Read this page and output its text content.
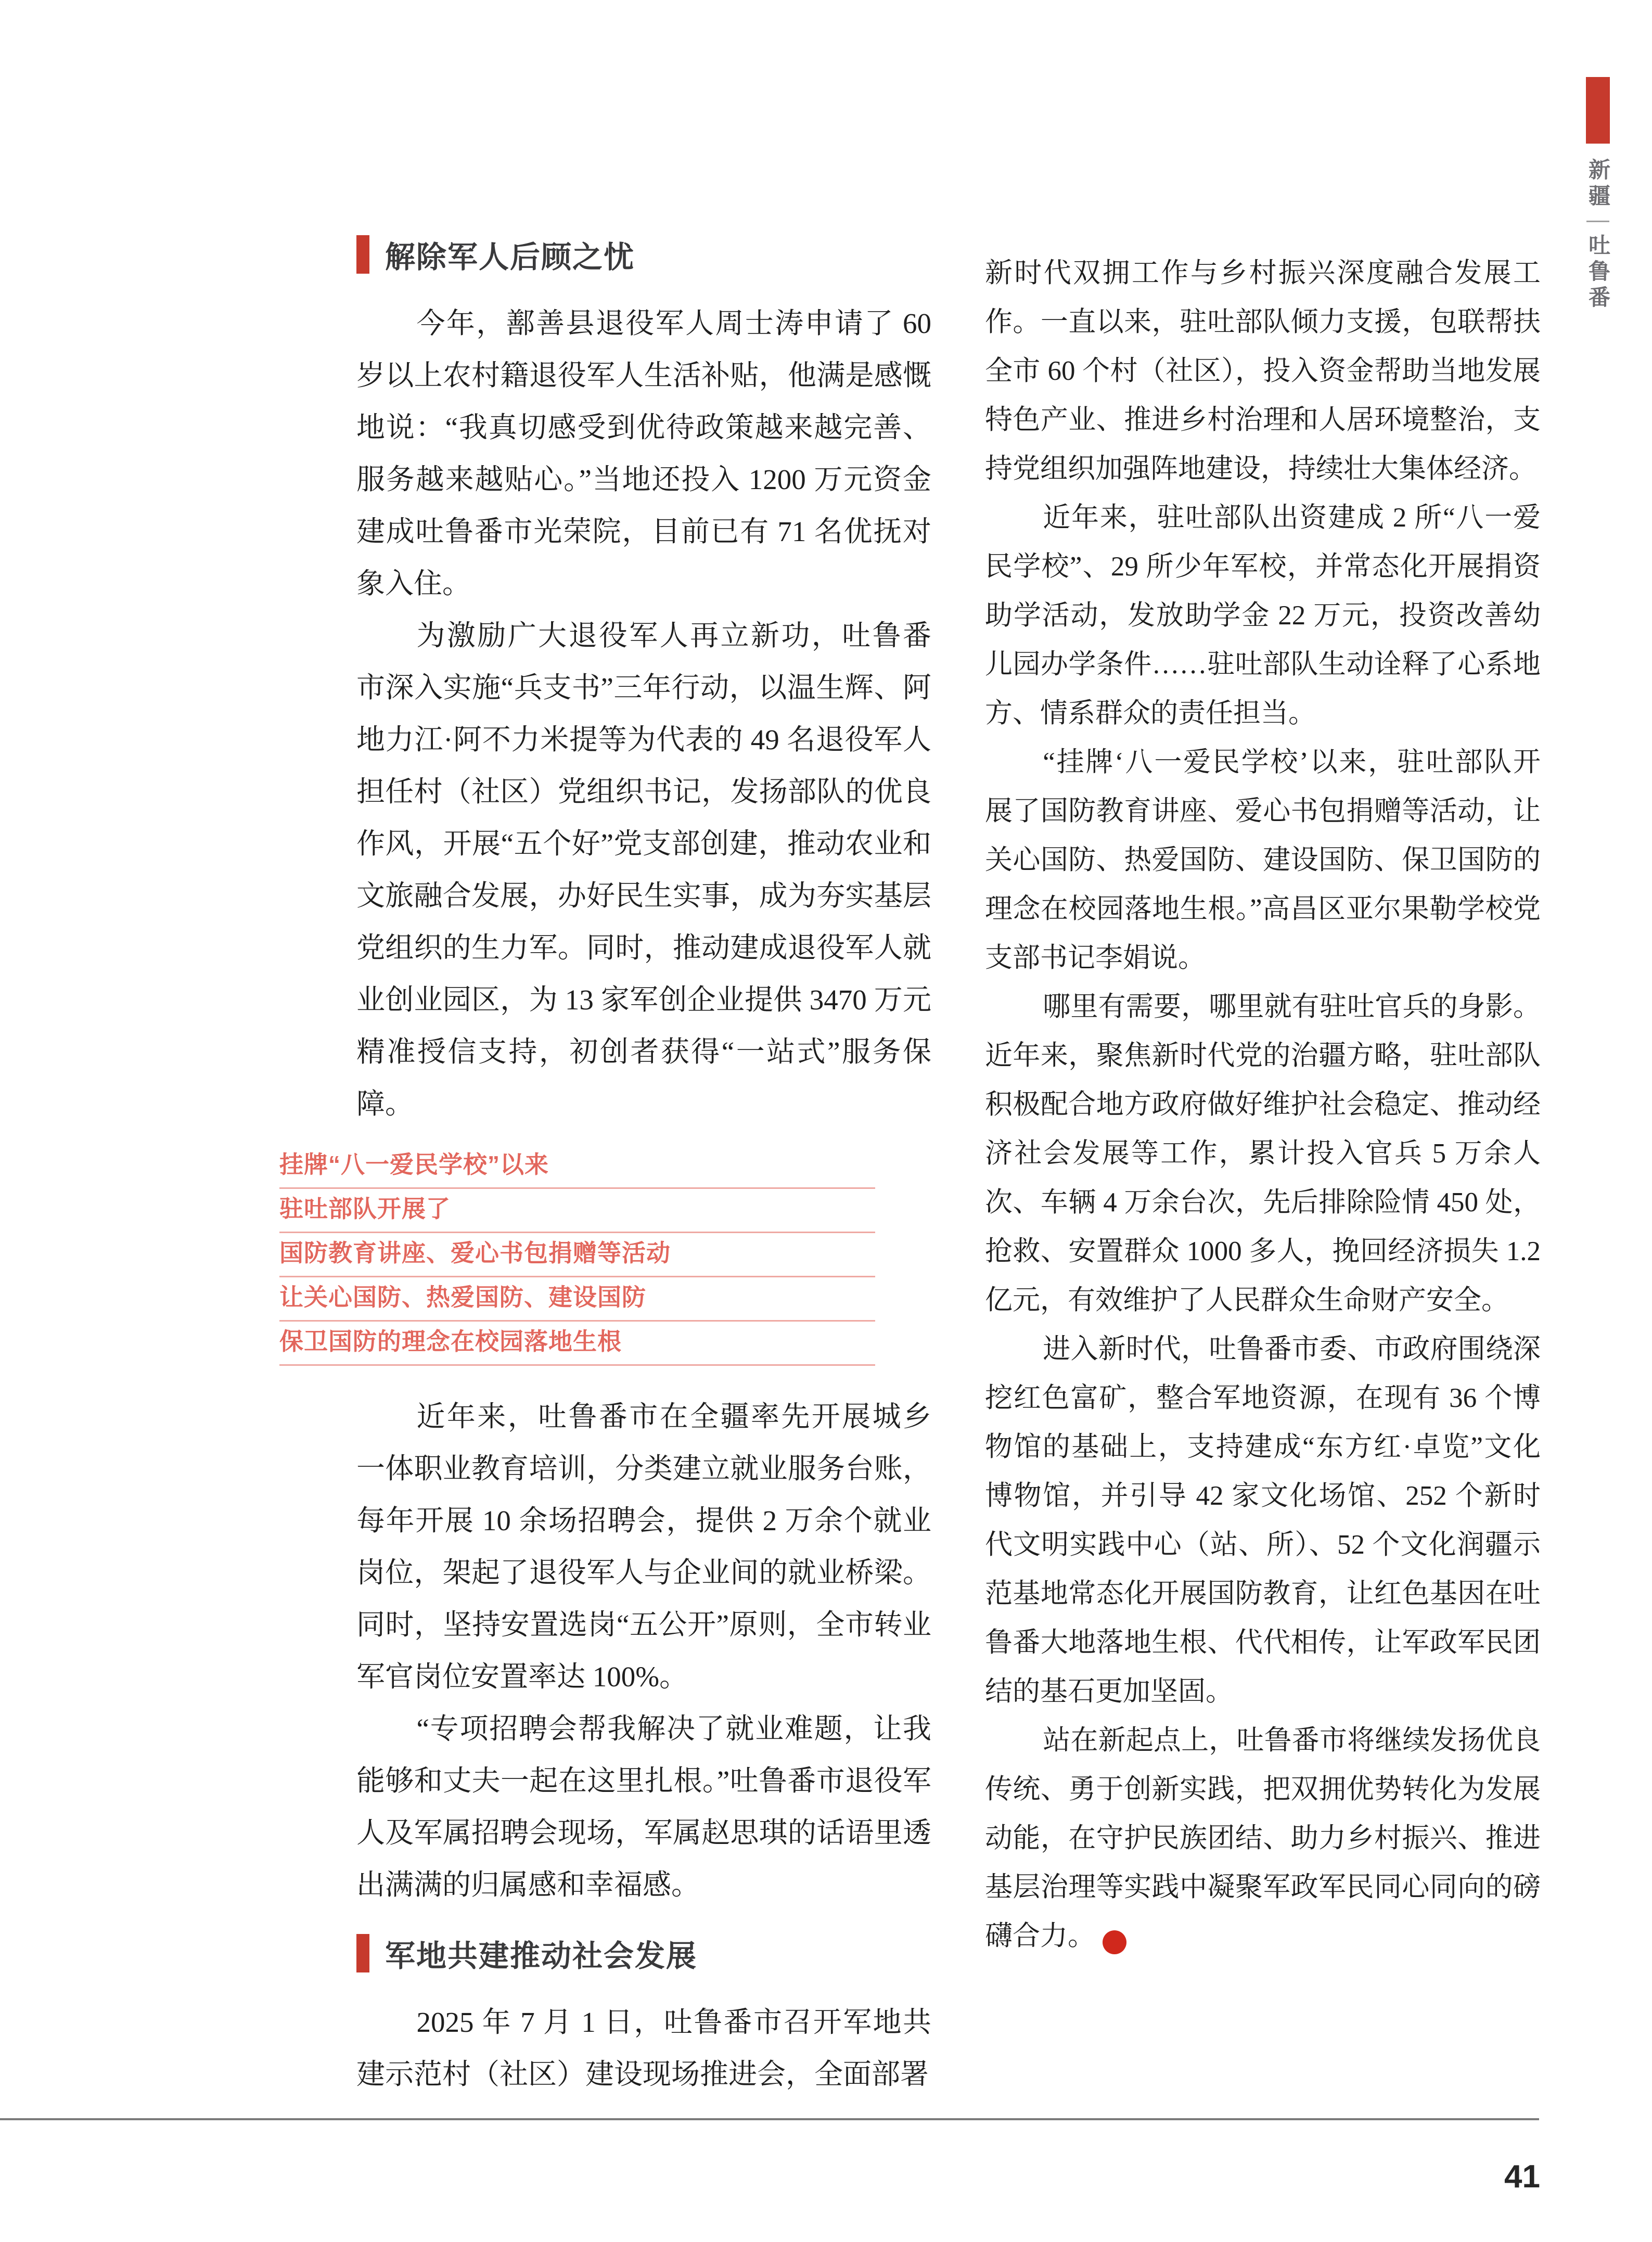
解除军人后顾之忧

今年，鄯善县退役军人周士涛申请了 60 岁以上农村籍退役军人生活补贴，他满是感慨地说：“我真切感受到优待政策越来越完善、服务越来越贴心。”当地还投入 1200 万元资金建成吐鲁番市光荣院，目前已有 71 名优抚对象入住。

为激励广大退役军人再立新功，吐鲁番市深入实施“兵支书”三年行动，以温生辉、阿地力江·阿不力米提等为代表的 49 名退役军人担任村（社区）党组织书记，发扬部队的优良作风，开展“五个好”党支部创建，推动农业和文旅融合发展，办好民生实事，成为夯实基层党组织的生力军。同时，推动建成退役军人就业创业园区，为 13 家军创企业提供 3470 万元精准授信支持，初创者获得“一站式”服务保障。

挂牌“八一爱民学校”以来
驻吐部队开展了
国防教育讲座、爱心书包捐赠等活动
让关心国防、热爱国防、建设国防
保卫国防的理念在校园落地生根

近年来，吐鲁番市在全疆率先开展城乡一体职业教育培训，分类建立就业服务台账，每年开展 10 余场招聘会，提供 2 万余个就业岗位，架起了退役军人与企业间的就业桥梁。同时，坚持安置选岗“五公开”原则，全市转业军官岗位安置率达 100%。

“专项招聘会帮我解决了就业难题，让我能够和丈夫一起在这里扎根。”吐鲁番市退役军人及军属招聘会现场，军属赵思琪的话语里透出满满的归属感和幸福感。

军地共建推动社会发展

2025 年 7 月 1 日，吐鲁番市召开军地共建示范村（社区）建设现场推进会，全面部署

新时代双拥工作与乡村振兴深度融合发展工作。一直以来，驻吐部队倾力支援，包联帮扶全市 60 个村（社区），投入资金帮助当地发展特色产业、推进乡村治理和人居环境整治，支持党组织加强阵地建设，持续壮大集体经济。

近年来，驻吐部队出资建成 2 所“八一爱民学校”、29 所少年军校，并常态化开展捐资助学活动，发放助学金 22 万元，投资改善幼儿园办学条件……驻吐部队生动诠释了心系地方、情系群众的责任担当。

“挂牌‘八一爱民学校’以来，驻吐部队开展了国防教育讲座、爱心书包捐赠等活动，让关心国防、热爱国防、建设国防、保卫国防的理念在校园落地生根。”高昌区亚尔果勒学校党支部书记李娟说。

哪里有需要，哪里就有驻吐官兵的身影。近年来，聚焦新时代党的治疆方略，驻吐部队积极配合地方政府做好维护社会稳定、推动经济社会发展等工作，累计投入官兵 5 万余人次、车辆 4 万余台次，先后排除险情 450 处，抢救、安置群众 1000 多人，挽回经济损失 1.2 亿元，有效维护了人民群众生命财产安全。

进入新时代，吐鲁番市委、市政府围绕深挖红色富矿，整合军地资源，在现有 36 个博物馆的基础上，支持建成“东方红·卓览”文化博物馆，并引导 42 家文化场馆、252 个新时代文明实践中心（站、所）、52 个文化润疆示范基地常态化开展国防教育，让红色基因在吐鲁番大地落地生根、代代相传，让军政军民团结的基石更加坚固。

站在新起点上，吐鲁番市将继续发扬优良传统、勇于创新实践，把双拥优势转化为发展动能，在守护民族团结、助力乡村振兴、推进基层治理等实践中凝聚军政军民同心同向的磅礴合力。	N

新疆
吐鲁番
41
